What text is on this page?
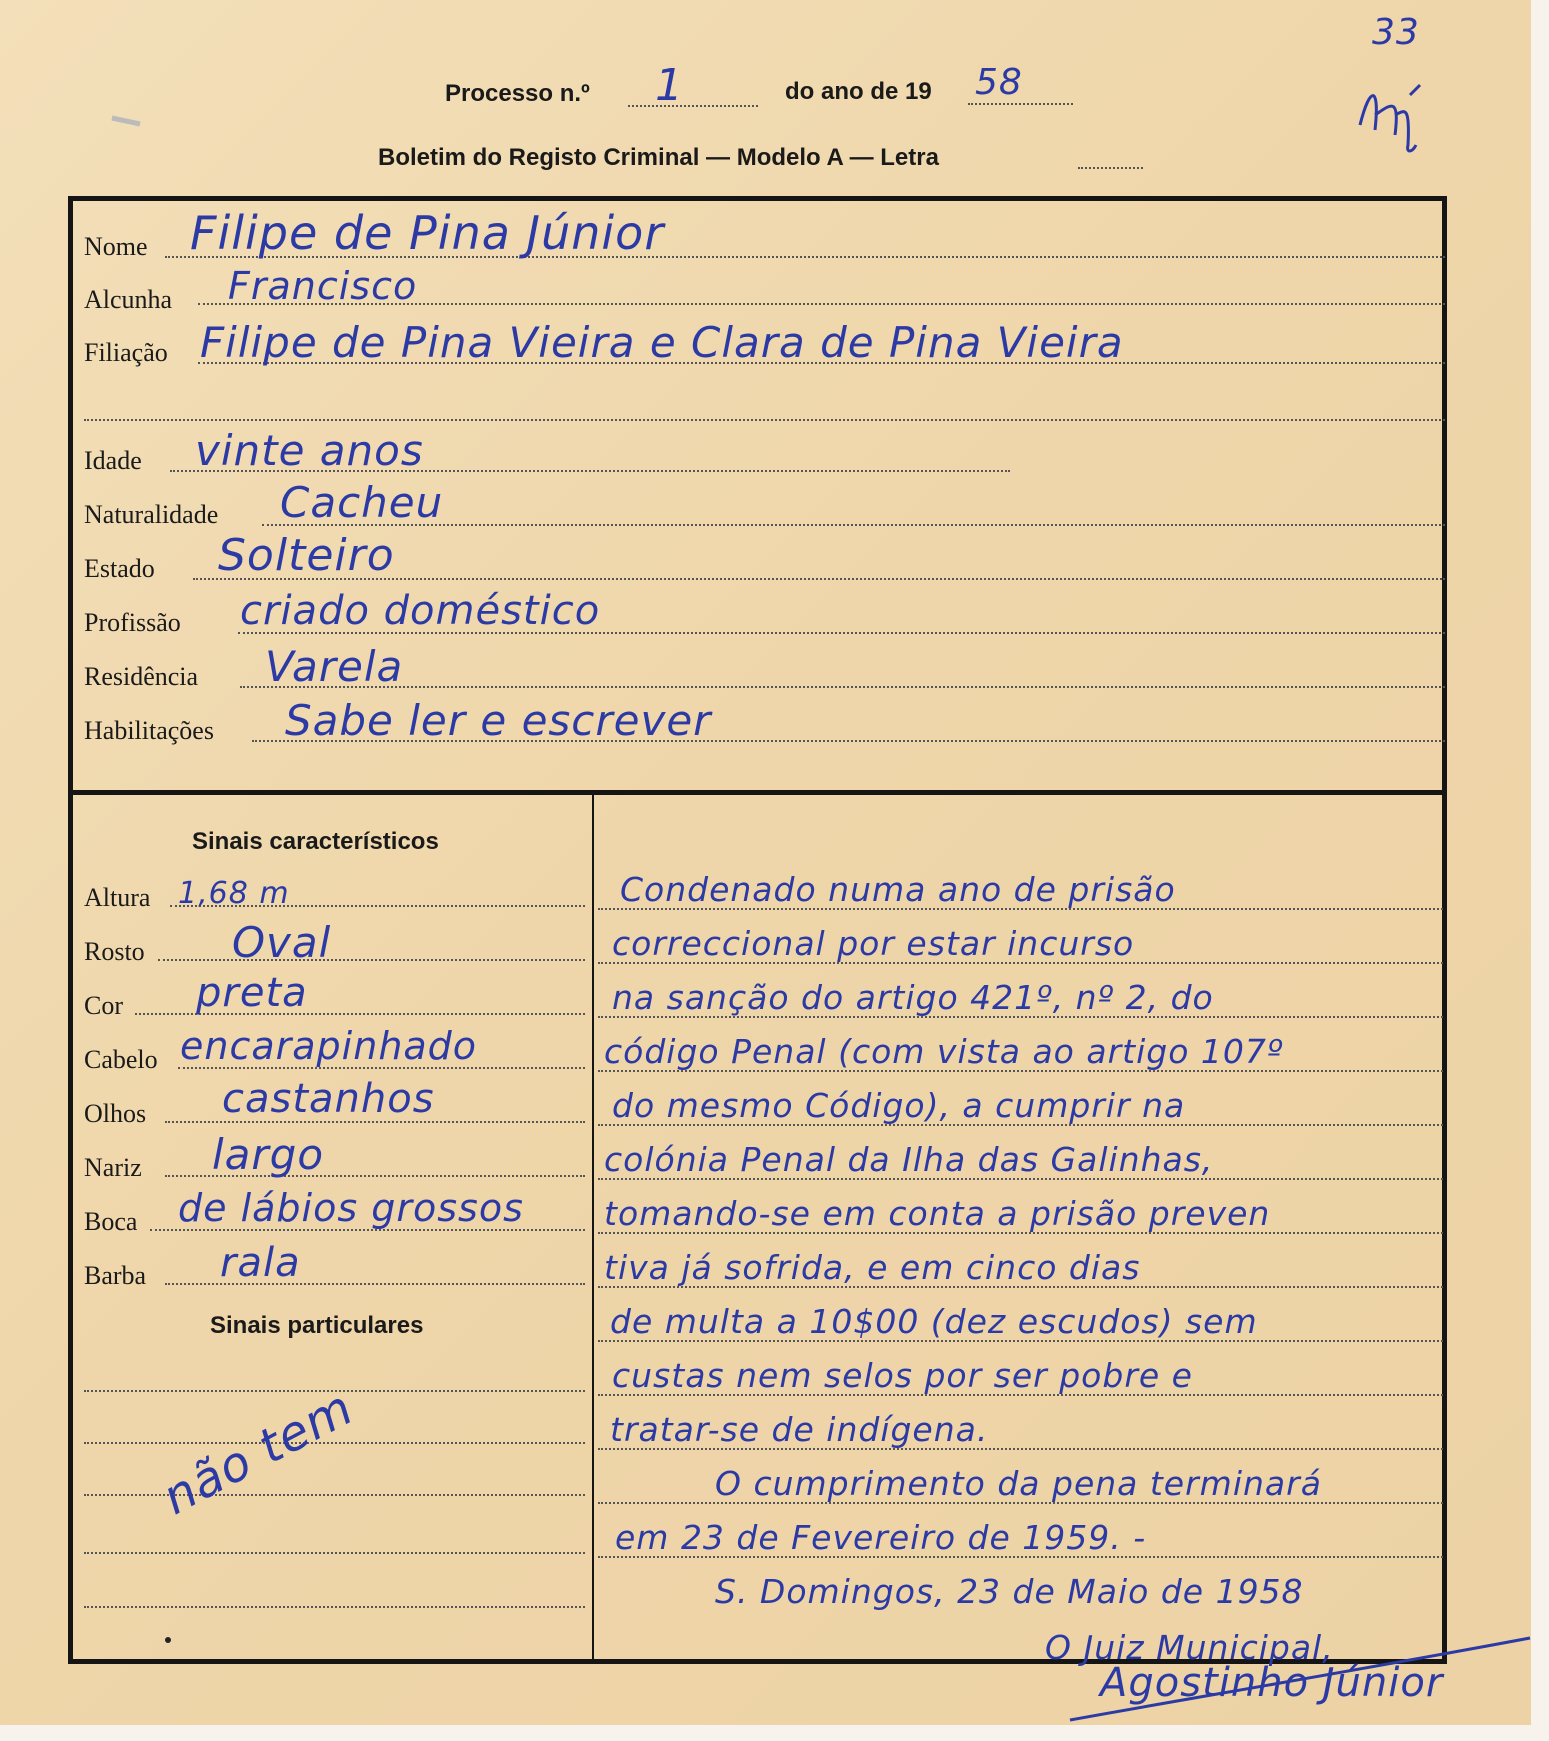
33
Processo n.º 1	do ano de 19 58
Boletim do Registo Criminal — Modelo A — Letra
Nome Filipe de Pina Júnior
Alcunha Francisco
Filiação Filipe de Pina Vieira e Clara de Pina Vieira
Idade vinte anos
Naturalidade Cacheu
Estado Solteiro
Profissão criado doméstico
Residência Varela
Habilitações Sabe ler e escrever
Sinais característicos
Altura 1,68 m
Rosto Oval
Cor preta
Cabelo encarapinhado
Olhos castanhos
Nariz largo
Boca de lábios grossos
Barba rala
Sinais particulares
não tem
Condenado numa ano de prisão
correccional por estar incurso
na sanção do artigo 421º, nº 2, do
código Penal (com vista ao artigo 107º
do mesmo Código), a cumprir na
colónia Penal da Ilha das Galinhas,
tomando-se em conta a prisão preven
tiva já sofrida, e em cinco dias
de multa a 10$00 (dez escudos) sem
custas nem selos por ser pobre e
tratar-se de indígena.
O cumprimento da pena terminará
em 23 de Fevereiro de 1959. -
S. Domingos, 23 de Maio de 1958
O Juiz Municipal,
Agostinho Júnior
